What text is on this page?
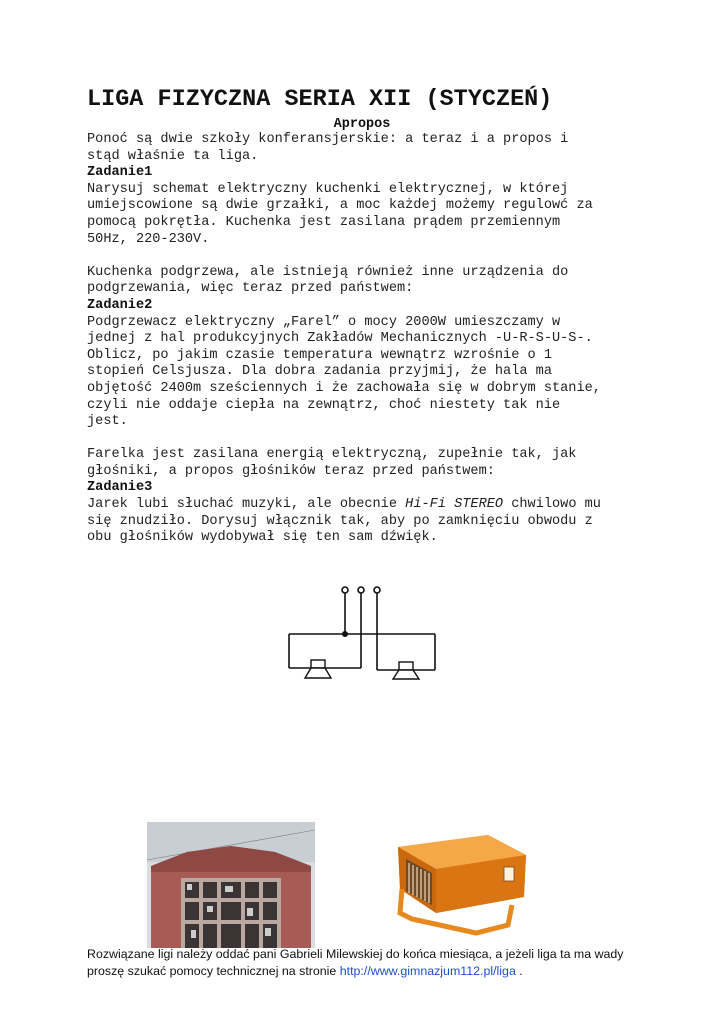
LIGA FIZYCZNA SERIA XII (STYCZEŃ)
Apropos

Ponoć są dwie szkoły konferansjerskie: a teraz i a propos i

stąd właśnie ta liga.

Zadanie1

Narysuj schemat elektryczny kuchenki elektrycznej, w której

umiejscowione są dwie grzałki, a moc każdej możemy regulowć za

pomocą pokrętła. Kuchenka jest zasilana prądem przemiennym

50Hz, 220-230V.

Kuchenka podgrzewa, ale istnieją również inne urządzenia do

podgrzewania, więc teraz przed państwem:

Zadanie2

Podgrzewacz elektryczny „Farel” o mocy 2000W umieszczamy w

jednej z hal produkcyjnych Zakładów Mechanicznych -U-R-S-U-S-.

Oblicz, po jakim czasie temperatura wewnątrz wzrośnie o 1

stopień Celsjusza. Dla dobra zadania przyjmij, że hala ma

objętość 2400m sześciennych i że zachowała się w dobrym stanie,

czyli nie oddaje ciepła na zewnątrz, choć niestety tak nie

jest.

Farelka jest zasilana energią elektryczną, zupełnie tak, jak

głośniki, a propos głośników teraz przed państwem:

Zadanie3

Jarek lubi słuchać muzyki, ale obecnie Hi-Fi STEREO chwilowo mu

się znudziło. Dorysuj włącznik tak, aby po zamknięciu obwodu z

obu głośników wydobywał się ten sam dźwięk.

Rozwiązane ligi należy oddać pani Gabrieli Milewskiej do końca miesiąca, a jeżeli liga ta ma wady
proszę szukać pomocy technicznej na stronie http://www.gimnazjum112.pl/liga .
